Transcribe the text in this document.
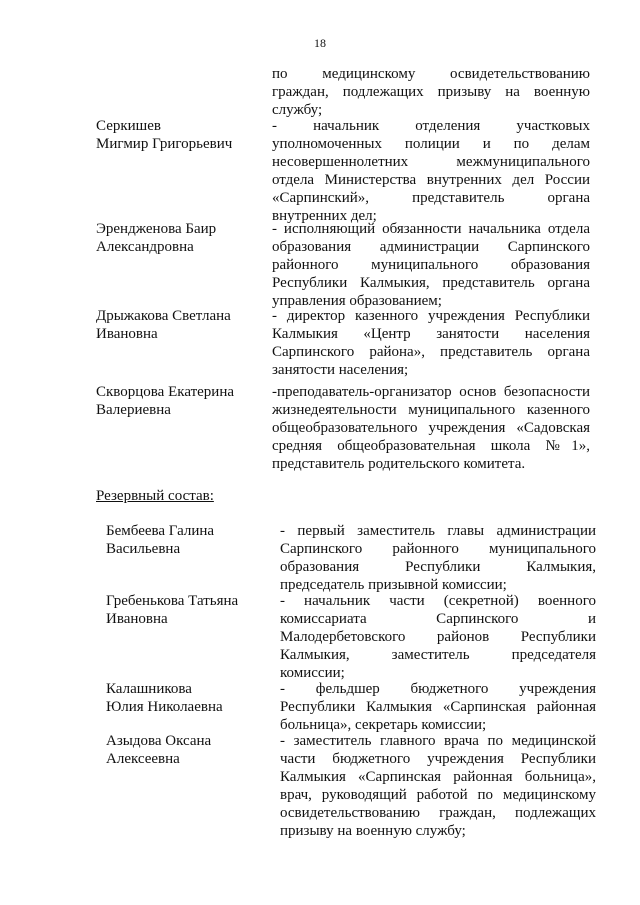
18
по медицинскому освидетельствованию
граждан, подлежащих призыву на военную
службу;
Серкишев
Мигмир Григорьевич
- начальник отделения участковых
уполномоченных полиции и по делам
несовершеннолетних межмуниципального
отдела Министерства внутренних дел России
«Сарпинский», представитель органа
внутренних дел;
Эрендженова Баир
Александровна
- исполняющий обязанности начальника отдела
образования администрации Сарпинского
районного муниципального образования
Республики Калмыкия, представитель органа
управления образованием;
Дрыжакова Светлана
Ивановна
- директор казенного учреждения Республики
Калмыкия «Центр занятости населения
Сарпинского района», представитель органа
занятости населения;
Скворцова Екатерина
Валериевна
-преподаватель-организатор основ безопасности
жизнедеятельности муниципального казенного
общеобразовательного учреждения «Садовская
средняя общеобразовательная школа №1»,
представитель родительского комитета.
Резервный состав:
Бембеева Галина
Васильевна
- первый заместитель главы администрации
Сарпинского районного муниципального
образования Республики Калмыкия,
председатель призывной комиссии;
Гребенькова Татьяна
Ивановна
- начальник части (секретной) военного
комиссариата Сарпинского и
Малодербетовского районов Республики
Калмыкия, заместитель председателя
комиссии;
Калашникова
Юлия Николаевна
- фельдшер бюджетного учреждения
Республики Калмыкия «Сарпинская районная
больница», секретарь комиссии;
Азыдова Оксана
Алексеевна
- заместитель главного врача по медицинской
части бюджетного учреждения Республики
Калмыкия «Сарпинская районная больница»,
врач, руководящий работой по медицинскому
освидетельствованию граждан, подлежащих
призыву на военную службу;
